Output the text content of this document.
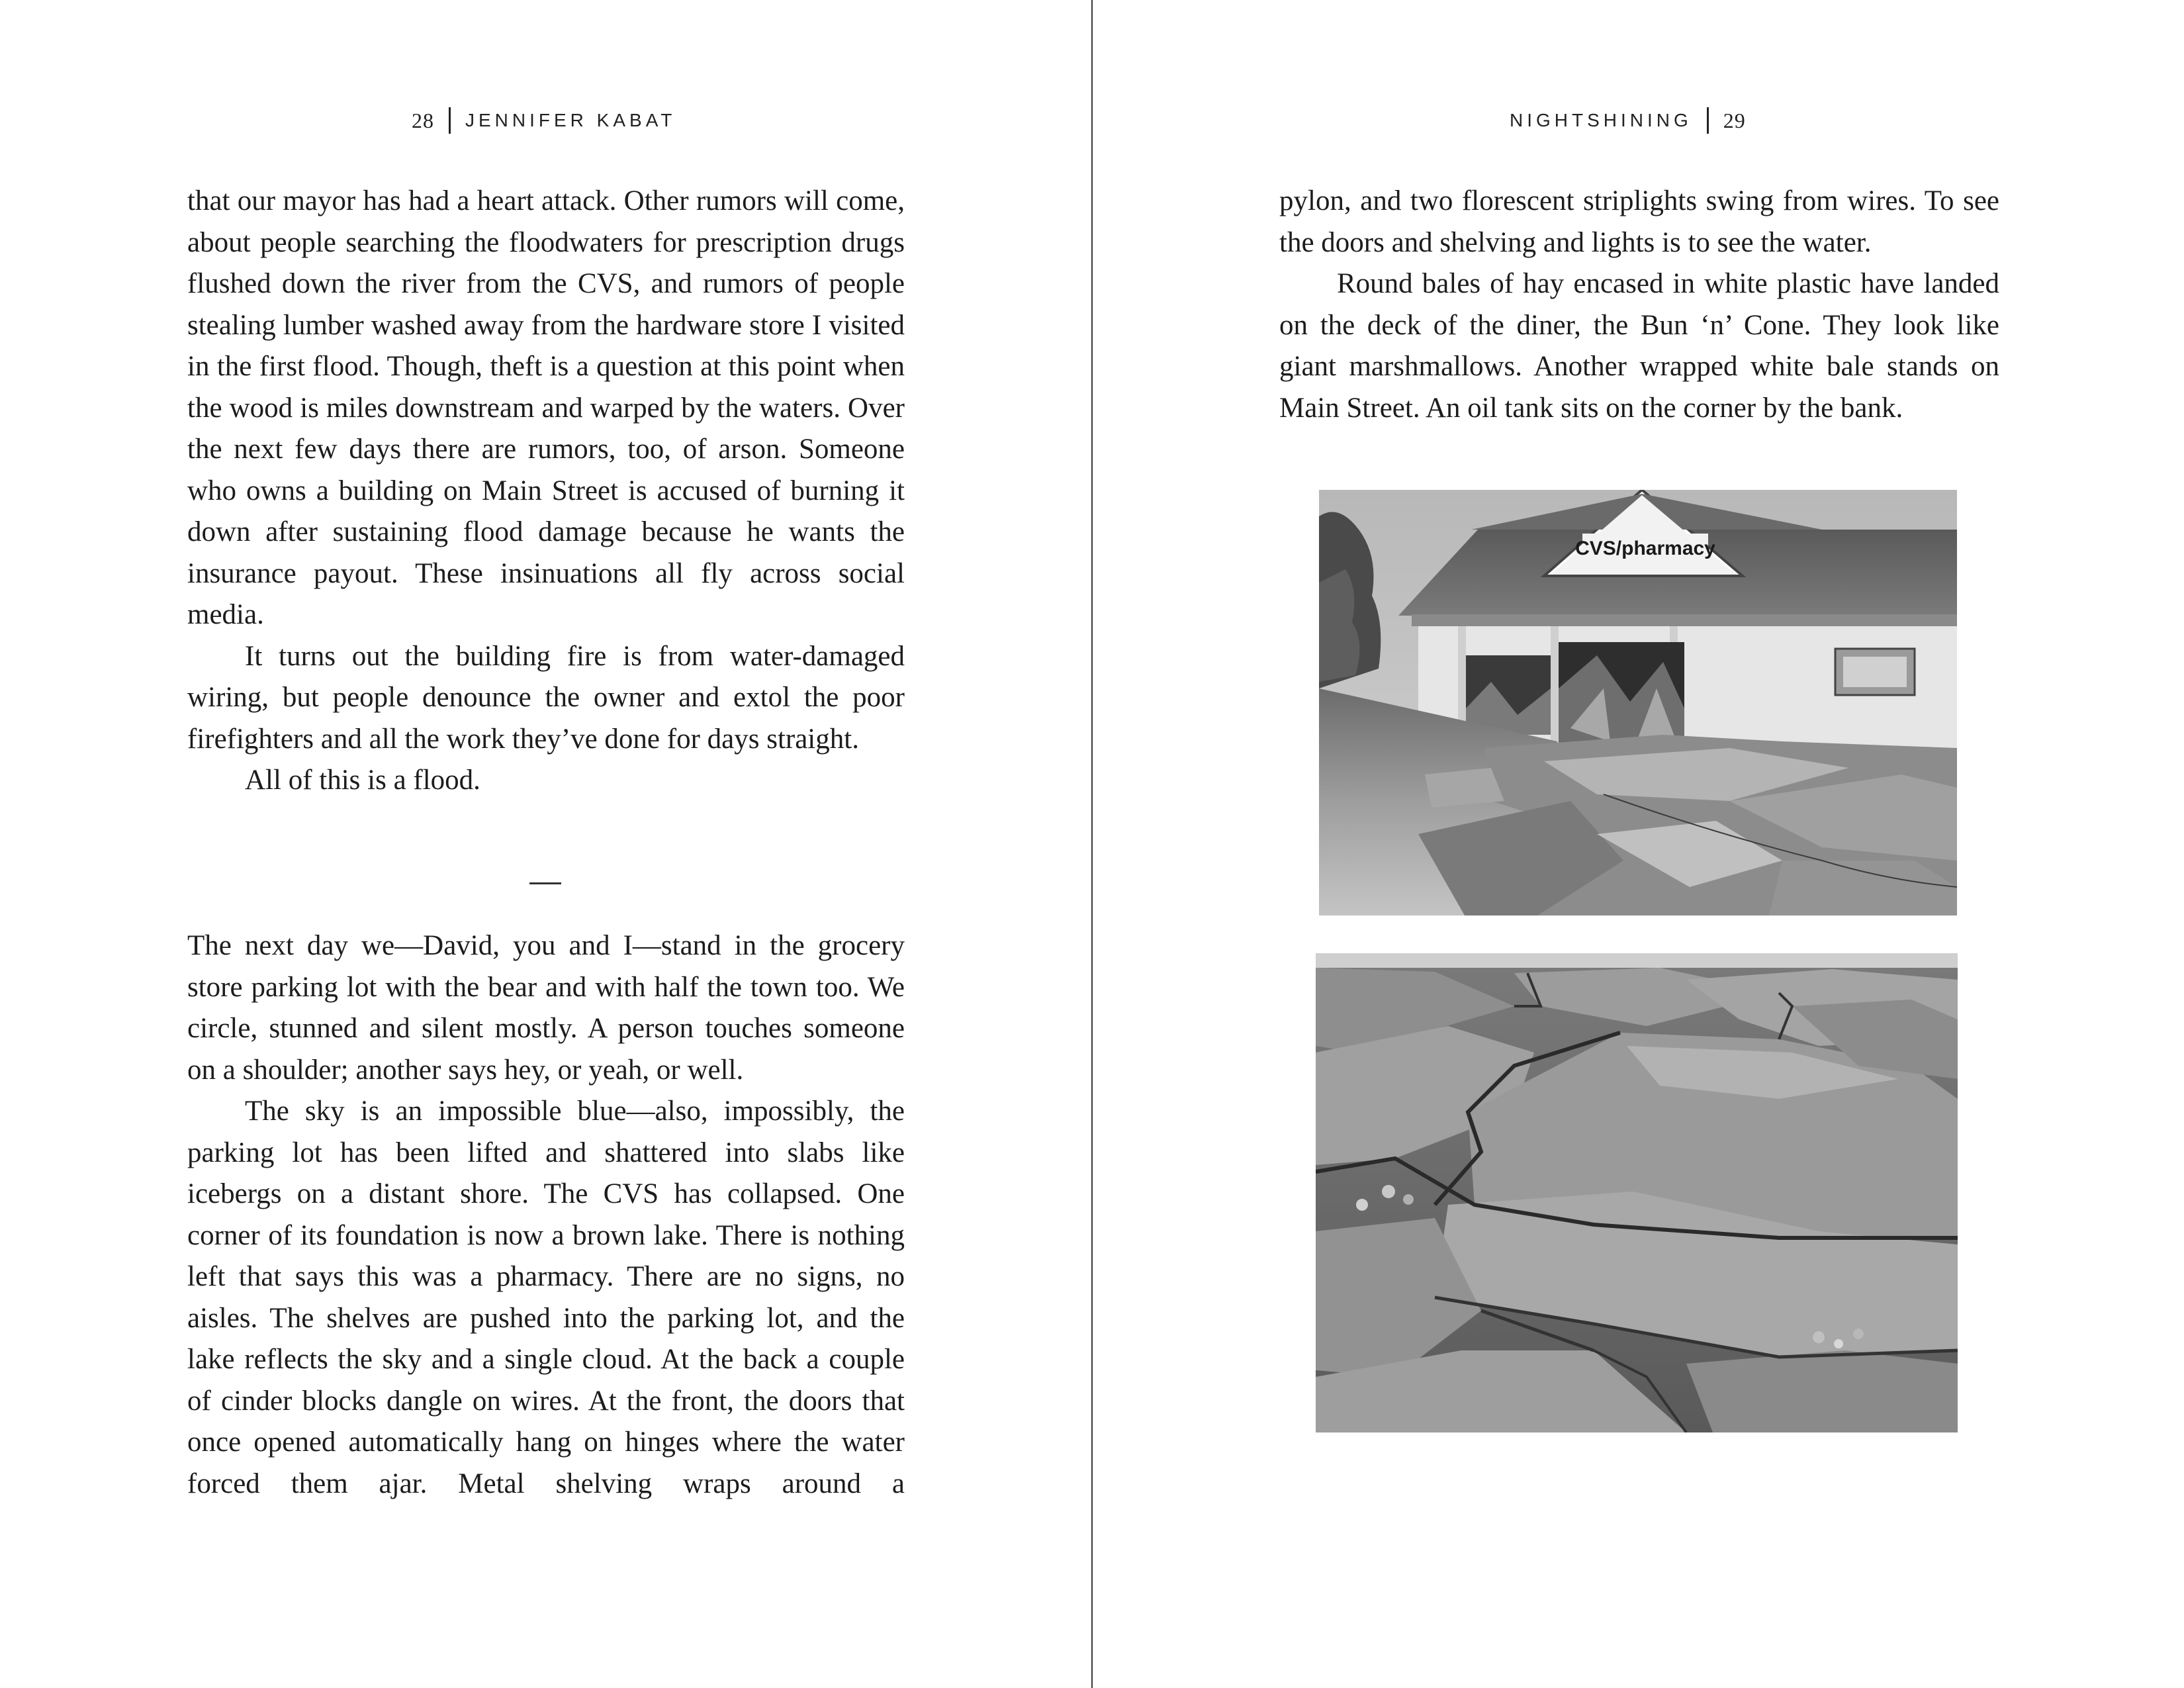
28 JENNIFER KABAT

that our mayor has had a heart attack. Other rumors will come, about people searching the floodwaters for prescription drugs flushed down the river from the CVS, and rumors of people stealing lumber washed away from the hardware store I visited in the first flood. Though, theft is a question at this point when the wood is miles downstream and warped by the waters. Over the next few days there are rumors, too, of arson. Someone who owns a building on Main Street is accused of burning it down after sustaining flood damage because he wants the insurance payout. These insinuations all fly across social media.

It turns out the building fire is from water-damaged wiring, but people denounce the owner and extol the poor firefighters and all the work they’ve done for days straight.

All of this is a flood.

The next day we—David, you and I—stand in the grocery store parking lot with the bear and with half the town too. We circle, stunned and silent mostly. A person touches someone on a shoulder; another says hey, or yeah, or well.

The sky is an impossible blue—also, impossibly, the parking lot has been lifted and shattered into slabs like icebergs on a distant shore. The CVS has collapsed. One corner of its foundation is now a brown lake. There is nothing left that says this was a pharmacy. There are no signs, no aisles. The shelves are pushed into the parking lot, and the lake reflects the sky and a single cloud. At the back a couple of cinder blocks dangle on wires. At the front, the doors that once opened automatically hang on hinges where the water forced them ajar. Metal shelving wraps around a

NIGHTSHINING 29

pylon, and two florescent striplights swing from wires. To see the doors and shelving and lights is to see the water.

Round bales of hay encased in white plastic have landed on the deck of the diner, the Bun ‘n’ Cone. They look like giant marshmallows. Another wrapped white bale stands on Main Street. An oil tank sits on the corner by the bank.

CVS/pharmacy
